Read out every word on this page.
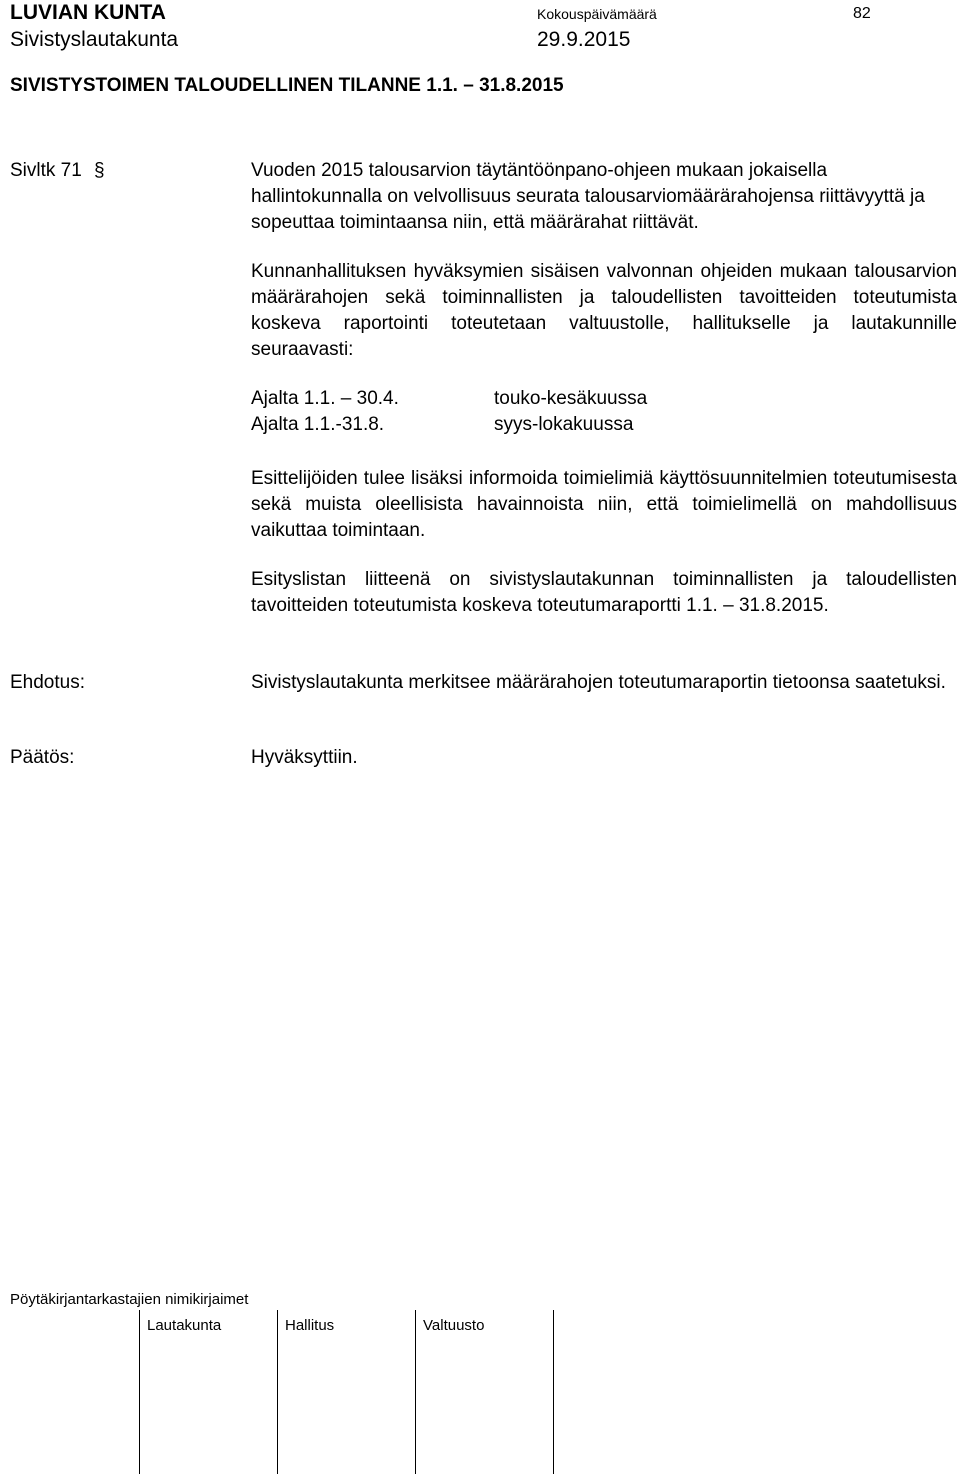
LUVIAN KUNTA
Sivistyslautakunta
Kokouspäivämäärä
29.9.2015
82
SIVISTYSTOIMEN TALOUDELLINEN TILANNE 1.1. – 31.8.2015
Sivltk 71 §	Vuoden 2015 talousarvion täytäntöönpano-ohjeen mukaan jokaisella hallintokunnalla on velvollisuus seurata talousarviomäärärahojensa riittävyyttä ja sopeuttaa toimintaansa niin, että määrärahat riittävät.

Kunnanhallituksen hyväksymien sisäisen valvonnan ohjeiden mukaan talousarvion määrärahojen sekä toiminnallisten ja taloudellisten tavoitteiden toteutumista koskeva raportointi toteutetaan valtuustolle, hallitukselle ja lautakunnille seuraavasti:

Ajalta 1.1. – 30.4.	touko-kesäkuussa
Ajalta 1.1.-31.8.	syys-lokakuussa

Esittelijöiden tulee lisäksi informoida toimielimiä käyttösuunnitelmien toteutumisesta sekä muista oleellisista havainnoista niin, että toimielimellä on mahdollisuus vaikuttaa toimintaan.

Esityslistan liitteenä on sivistyslautakunnan toiminnallisten ja taloudellisten tavoitteiden toteutumista koskeva toteutumaraportti 1.1. – 31.8.2015.

Ehdotus:	Sivistyslautakunta merkitsee määrärahojen toteutumaraportin tietoonsa saatetuksi.

Päätös:	Hyväksyttiin.

Pöytäkirjantarkastajien nimikirjaimet
Lautakunta	Hallitus	Valtuusto
